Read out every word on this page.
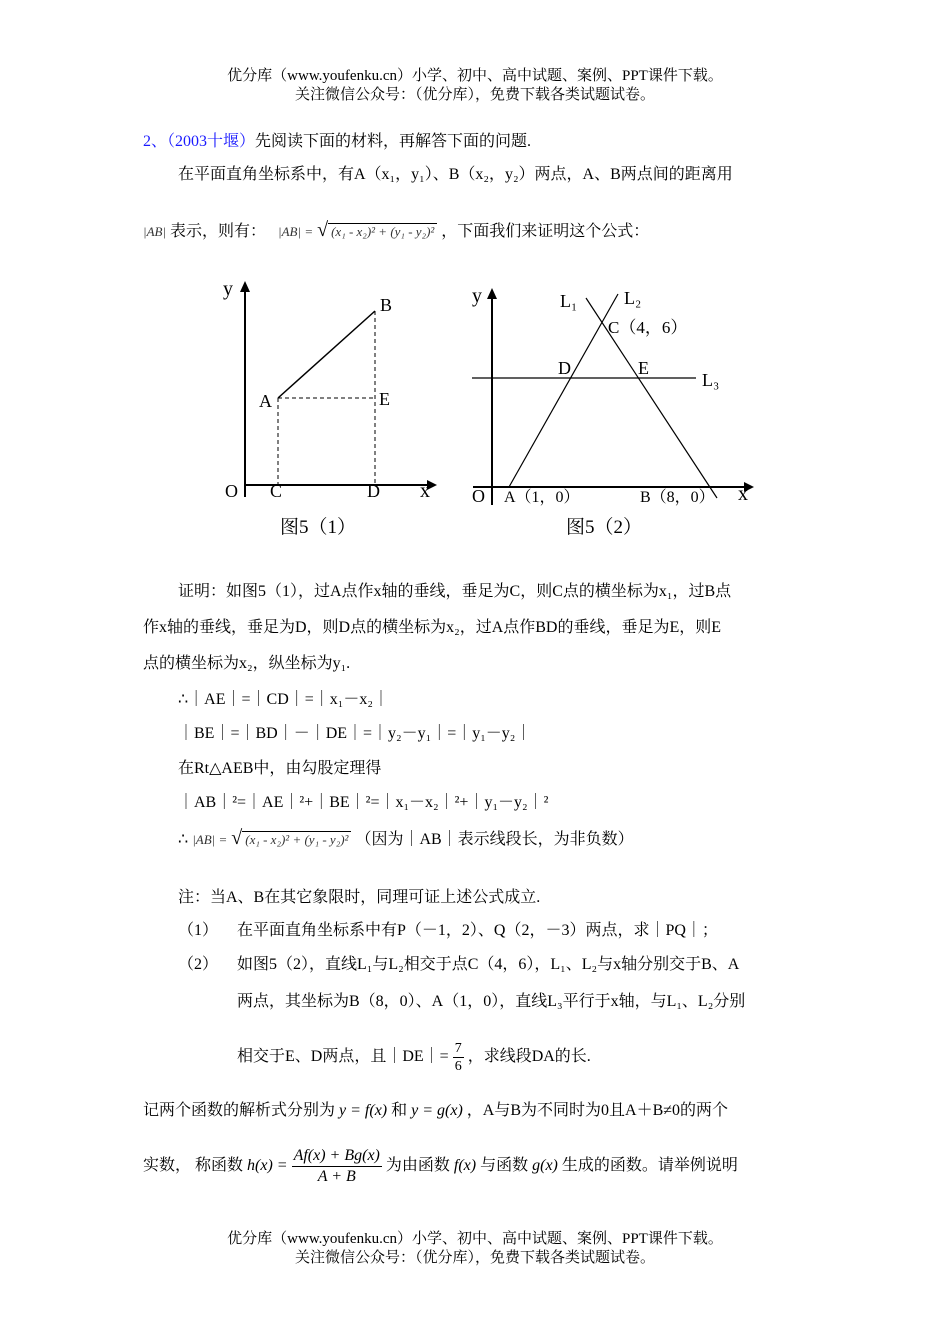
优分库（www.youfenku.cn）小学、初中、高中试题、案例、PPT课件下载。
关注微信公众号：（优分库），免费下载各类试题试卷。
2、（2003十堰）先阅读下面的材料，再解答下面的问题.
在平面直角坐标系中，有A（x₁，y₁）、B（x₂，y₂）两点，A、B两点间的距离用
|AB| 表示，则有： |AB| = √ (x₁ - x₂)² + (y₁ - y₂)² ，下面我们来证明这个公式：
y
x
O
A
B
C	D
E
图5（1）
y
x
O
L₁	L₂
L₃
C（4，6）
D	E
A（1，0）	B（8，0）
图5（2）
证明：如图5（1），过A点作x轴的垂线，垂足为C，则C点的横坐标为x₁，过B点
作x轴的垂线，垂足为D，则D点的横坐标为x₂，过A点作BD的垂线，垂足为E，则E
点的横坐标为x₂，纵坐标为y₁.
∴｜AE｜=｜CD｜=｜x₁－x₂｜
｜BE｜=｜BD｜－｜DE｜=｜y₂－y₁｜=｜y₁－y₂｜
在Rt△AEB中，由勾股定理得
｜AB｜²=｜AE｜²+｜BE｜²=｜x₁－x₂｜²+｜y₁－y₂｜²
∴ |AB| = √ (x₁ - x₂)² + (y₁ - y₂)² （因为｜AB｜表示线段长，为非负数）
注：当A、B在其它象限时，同理可证上述公式成立.
（1） 在平面直角坐标系中有P（－1，2）、Q（2，－3）两点，求｜PQ｜；
（2） 如图5（2），直线L₁与L₂相交于点C（4，6），L₁、L₂与x轴分别交于B、A
两点，其坐标为B（8，0）、A（1，0），直线L₃平行于x轴，与L₁、L₂分别
相交于E、D两点，且｜DE｜= $\frac{7}{6}$ ，求线段DA的长.
记两个函数的解析式分别为 y = f(x) 和 y = g(x) ，A与B为不同时为0且A＋B≠0的两个
实数， 称函数 $h(x) = \frac{Af(x) + Bg(x)}{A + B}$ 为由函数 f(x) 与函数 g(x) 生成的函数。请举例说明
优分库（www.youfenku.cn）小学、初中、高中试题、案例、PPT课件下载。
关注微信公众号：（优分库），免费下载各类试题试卷。
